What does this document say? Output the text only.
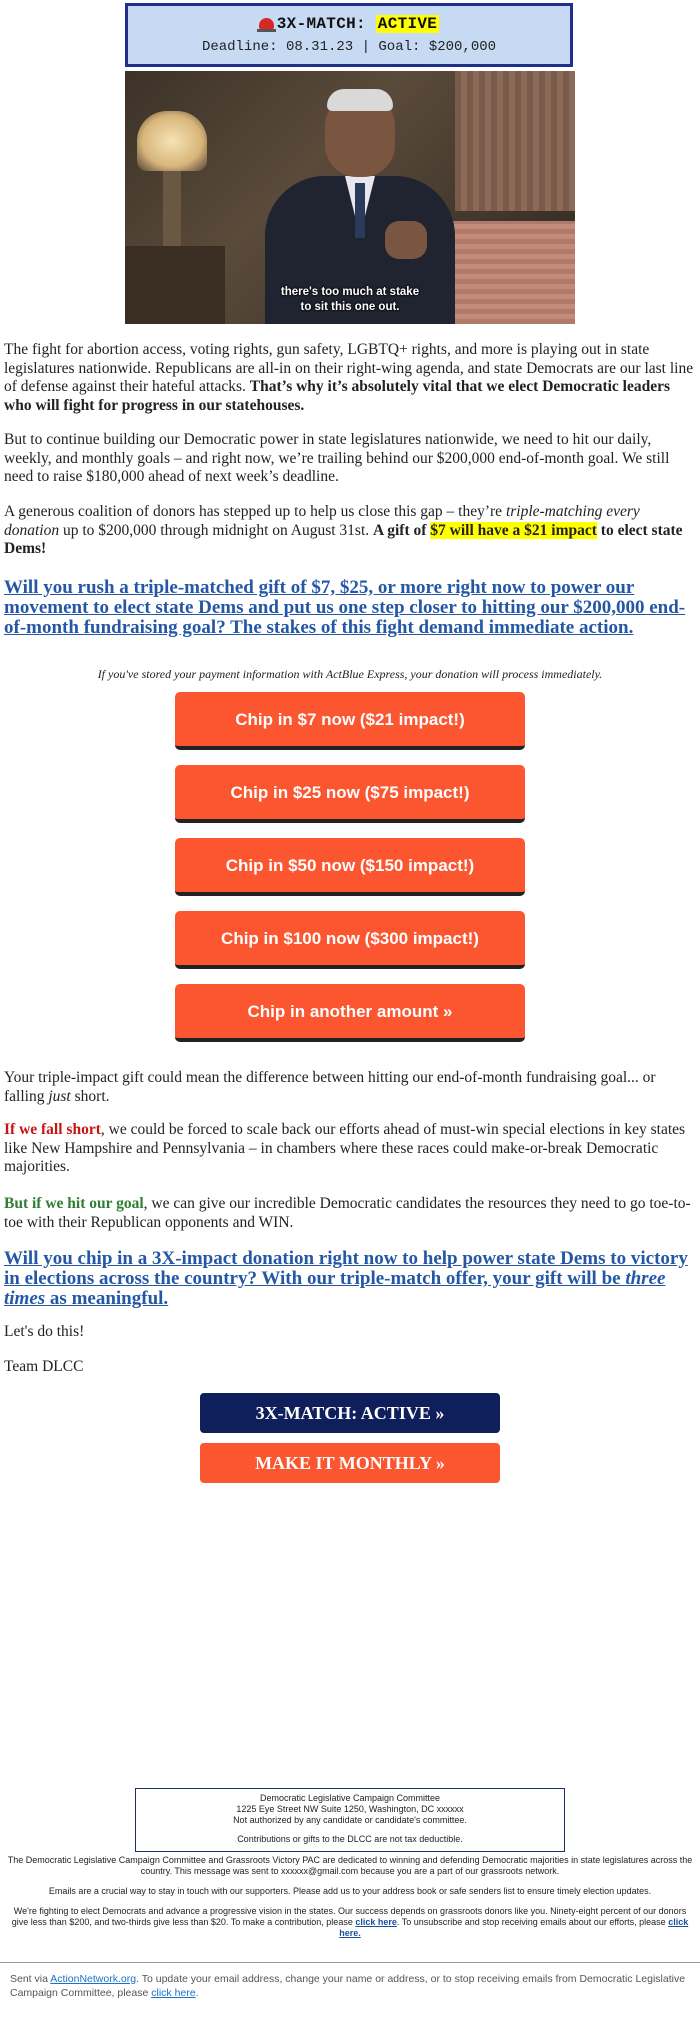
3X-MATCH: ACTIVE
Deadline: 08.31.23 | Goal: $200,000
there's too much at stake
to sit this one out.

The fight for abortion access, voting rights, gun safety, LGBTQ+ rights, and more is playing out in state legislatures nationwide. Republicans are all-in on their right-wing agenda, and state Democrats are our last line of defense against their hateful attacks. That’s why it’s absolutely vital that we elect Democratic leaders who will fight for progress in our statehouses.

But to continue building our Democratic power in state legislatures nationwide, we need to hit our daily, weekly, and monthly goals – and right now, we’re trailing behind our $200,000 end-of-month goal. We still need to raise $180,000 ahead of next week’s deadline.

A generous coalition of donors has stepped up to help us close this gap – they’re triple-matching every donation up to $200,000 through midnight on August 31st. A gift of $7 will have a $21 impact to elect state Dems!

Will you rush a triple-matched gift of $7, $25, or more right now to power our movement to elect state Dems and put us one step closer to hitting our $200,000 end-of-month fundraising goal? The stakes of this fight demand immediate action.

If you've stored your payment information with ActBlue Express, your donation will process immediately.
Chip in $7 now ($21 impact!)
Chip in $25 now ($75 impact!)
Chip in $50 now ($150 impact!)
Chip in $100 now ($300 impact!)
Chip in another amount »

Your triple-impact gift could mean the difference between hitting our end-of-month fundraising goal... or falling just short.

If we fall short, we could be forced to scale back our efforts ahead of must-win special elections in key states like New Hampshire and Pennsylvania – in chambers where these races could make-or-break Democratic majorities.

But if we hit our goal, we can give our incredible Democratic candidates the resources they need to go toe-to-toe with their Republican opponents and WIN.

Will you chip in a 3X-impact donation right now to help power state Dems to victory in elections across the country? With our triple-match offer, your gift will be three times as meaningful.

Let's do this!

Team DLCC

3X-MATCH: ACTIVE »
MAKE IT MONTHLY »
Democratic Legislative Campaign Committee
1225 Eye Street NW Suite 1250, Washington, DC xxxxxx
Not authorized by any candidate or candidate's committee.
Contributions or gifts to the DLCC are not tax deductible.

The Democratic Legislative Campaign Committee and Grassroots Victory PAC are dedicated to winning and defending Democratic majorities in state legislatures across the country. This message was sent to xxxxxx@gmail.com because you are a part of our grassroots network.

Emails are a crucial way to stay in touch with our supporters. Please add us to your address book or safe senders list to ensure timely election updates.

We're fighting to elect Democrats and advance a progressive vision in the states. Our success depends on grassroots donors like you. Ninety-eight percent of our donors give less than $200, and two-thirds give less than $20. To make a contribution, please click here. To unsubscribe and stop receiving emails about our efforts, please click here.

Sent via ActionNetwork.org. To update your email address, change your name or address, or to stop receiving emails from Democratic Legislative Campaign Committee, please click here.
